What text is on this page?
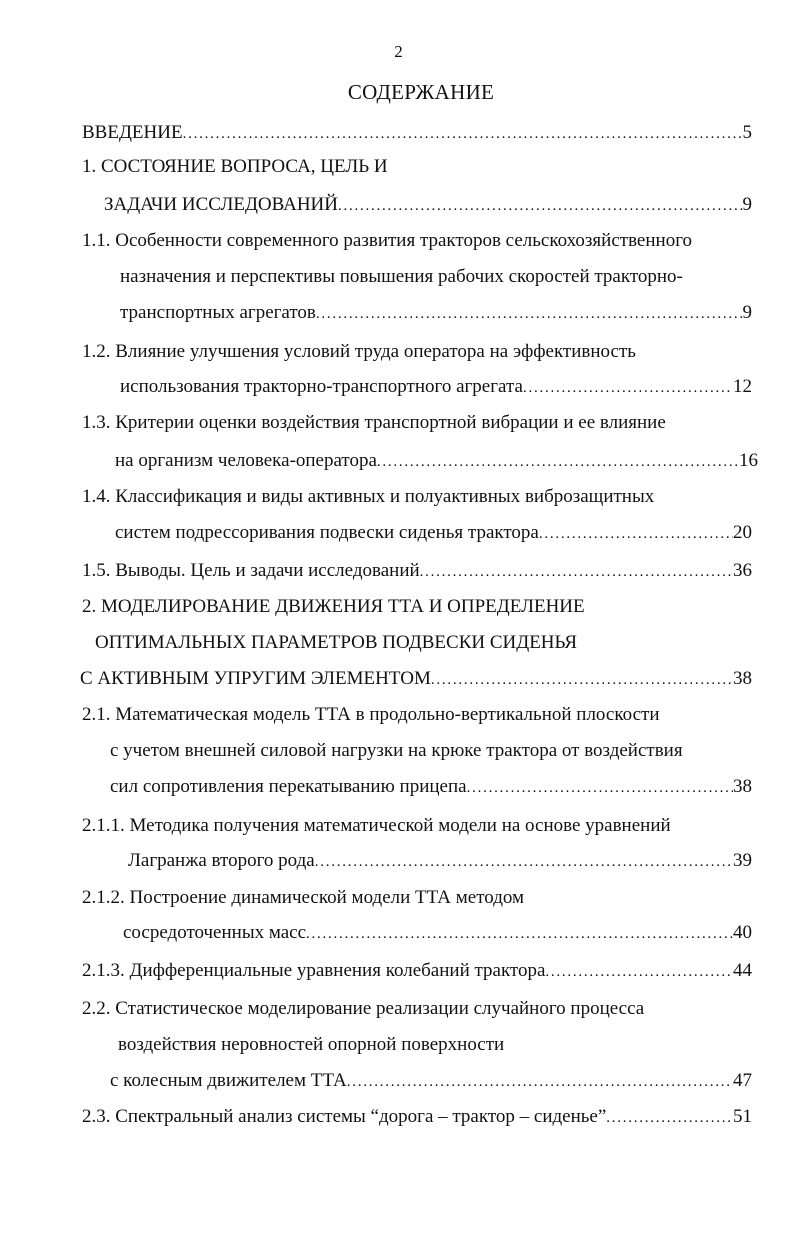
2
СОДЕРЖАНИЕ
ВВЕДЕНИЕ . . .	5
1. СОСТОЯНИЕ ВОПРОСА, ЦЕЛЬ И
ЗАДАЧИ ИССЛЕДОВАНИЙ . . .	9
1.1. Особенности современного развития тракторов сельскохозяйственного
назначения и перспективы повышения рабочих скоростей тракторно-
транспортных агрегатов . . .	9
1.2. Влияние улучшения условий труда оператора на эффективность
использования тракторно-транспортного агрегата . . .	12
1.3. Критерии оценки воздействия транспортной вибрации и ее влияние
на организм человека-оператора . . .	16
1.4. Классификация и виды активных и полуактивных виброзащитных
систем подрессоривания подвески сиденья трактора . . .	20
1.5. Выводы. Цель и задачи исследований . . .	36
2. МОДЕЛИРОВАНИЕ ДВИЖЕНИЯ ТТА И ОПРЕДЕЛЕНИЕ
ОПТИМАЛЬНЫХ ПАРАМЕТРОВ ПОДВЕСКИ СИДЕНЬЯ
С АКТИВНЫМ УПРУГИМ ЭЛЕМЕНТОМ . . .	38
2.1. Математическая модель ТТА в продольно-вертикальной плоскости
с учетом внешней силовой нагрузки на крюке трактора от воздействия
сил сопротивления перекатыванию прицепа . . .	38
2.1.1. Методика получения математической модели на основе уравнений
Лагранжа второго рода . . .	39
2.1.2. Построение динамической модели ТТА методом
сосредоточенных масс . . .	40
2.1.3. Дифференциальные уравнения колебаний трактора . . .	44
2.2. Статистическое моделирование реализации случайного процесса
воздействия неровностей опорной поверхности
с колесным движителем ТТА . . .	47
2.3. Спектральный анализ системы “дорога – трактор – сиденье” . . .	51
